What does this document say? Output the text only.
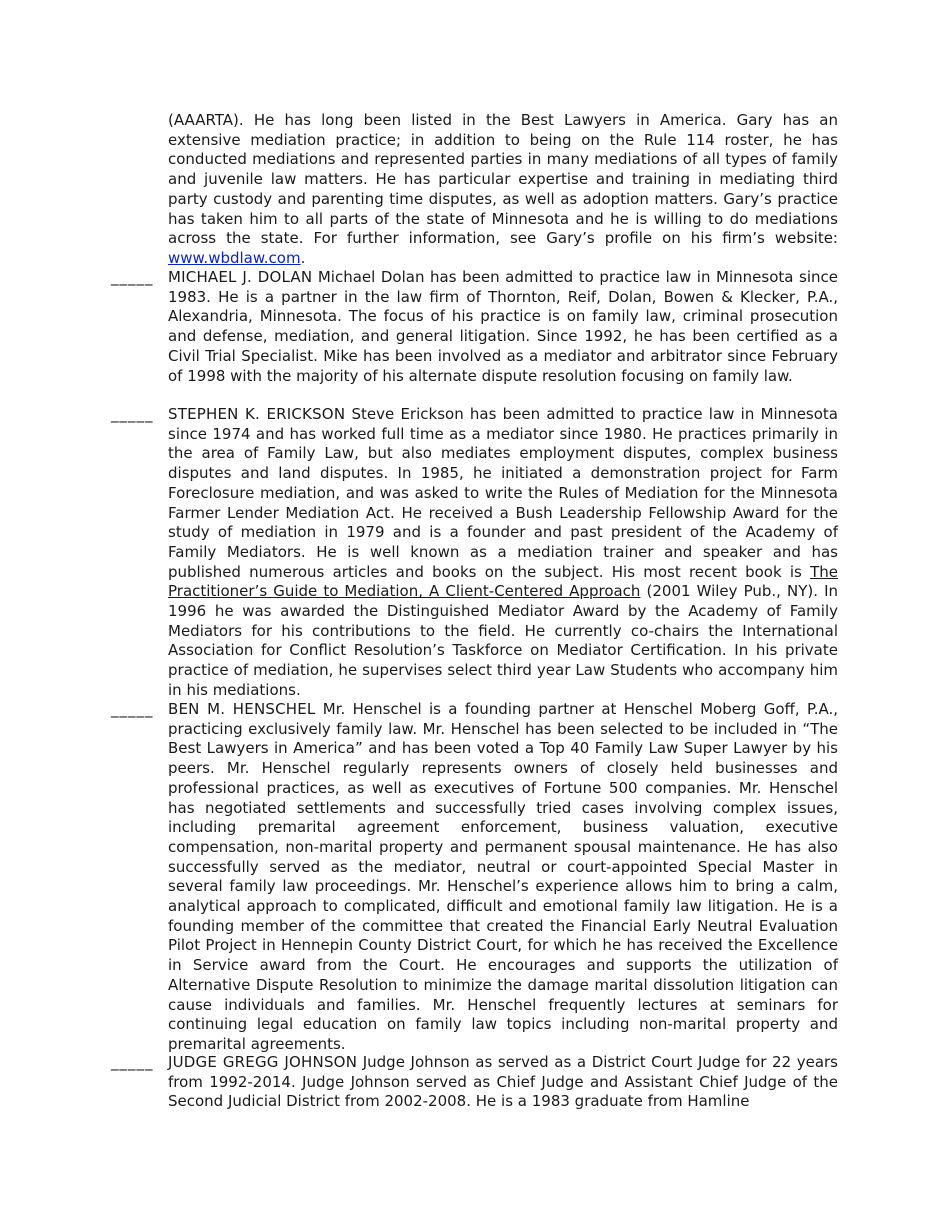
(AAARTA). He has long been listed in the Best Lawyers in America. Gary has an extensive mediation practice; in addition to being on the Rule 114 roster, he has conducted mediations and represented parties in many mediations of all types of family and juvenile law matters. He has particular expertise and training in mediating third party custody and parenting time disputes, as well as adoption matters. Gary’s practice has taken him to all parts of the state of Minnesota and he is willing to do mediations across the state. For further information, see Gary’s profile on his firm’s website: www.wbdlaw.com.
_____ MICHAEL J. DOLAN Michael Dolan has been admitted to practice law in Minnesota since 1983. He is a partner in the law firm of Thornton, Reif, Dolan, Bowen & Klecker, P.A., Alexandria, Minnesota. The focus of his practice is on family law, criminal prosecution and defense, mediation, and general litigation. Since 1992, he has been certified as a Civil Trial Specialist. Mike has been involved as a mediator and arbitrator since February of 1998 with the majority of his alternate dispute resolution focusing on family law.
_____ STEPHEN K. ERICKSON Steve Erickson has been admitted to practice law in Minnesota since 1974 and has worked full time as a mediator since 1980. He practices primarily in the area of Family Law, but also mediates employment disputes, complex business disputes and land disputes. In 1985, he initiated a demonstration project for Farm Foreclosure mediation, and was asked to write the Rules of Mediation for the Minnesota Farmer Lender Mediation Act. He received a Bush Leadership Fellowship Award for the study of mediation in 1979 and is a founder and past president of the Academy of Family Mediators. He is well known as a mediation trainer and speaker and has published numerous articles and books on the subject. His most recent book is The Practitioner’s Guide to Mediation, A Client-Centered Approach (2001 Wiley Pub., NY). In 1996 he was awarded the Distinguished Mediator Award by the Academy of Family Mediators for his contributions to the field. He currently co-chairs the International Association for Conflict Resolution’s Taskforce on Mediator Certification. In his private practice of mediation, he supervises select third year Law Students who accompany him in his mediations.
_____ BEN M. HENSCHEL Mr. Henschel is a founding partner at Henschel Moberg Goff, P.A., practicing exclusively family law. Mr. Henschel has been selected to be included in “The Best Lawyers in America” and has been voted a Top 40 Family Law Super Lawyer by his peers. Mr. Henschel regularly represents owners of closely held businesses and professional practices, as well as executives of Fortune 500 companies. Mr. Henschel has negotiated settlements and successfully tried cases involving complex issues, including premarital agreement enforcement, business valuation, executive compensation, non-marital property and permanent spousal maintenance. He has also successfully served as the mediator, neutral or court-appointed Special Master in several family law proceedings. Mr. Henschel’s experience allows him to bring a calm, analytical approach to complicated, difficult and emotional family law litigation. He is a founding member of the committee that created the Financial Early Neutral Evaluation Pilot Project in Hennepin County District Court, for which he has received the Excellence in Service award from the Court. He encourages and supports the utilization of Alternative Dispute Resolution to minimize the damage marital dissolution litigation can cause individuals and families. Mr. Henschel frequently lectures at seminars for continuing legal education on family law topics including non-marital property and premarital agreements.
_____ JUDGE GREGG JOHNSON Judge Johnson as served as a District Court Judge for 22 years from 1992-2014. Judge Johnson served as Chief Judge and Assistant Chief Judge of the Second Judicial District from 2002-2008. He is a 1983 graduate from Hamline
